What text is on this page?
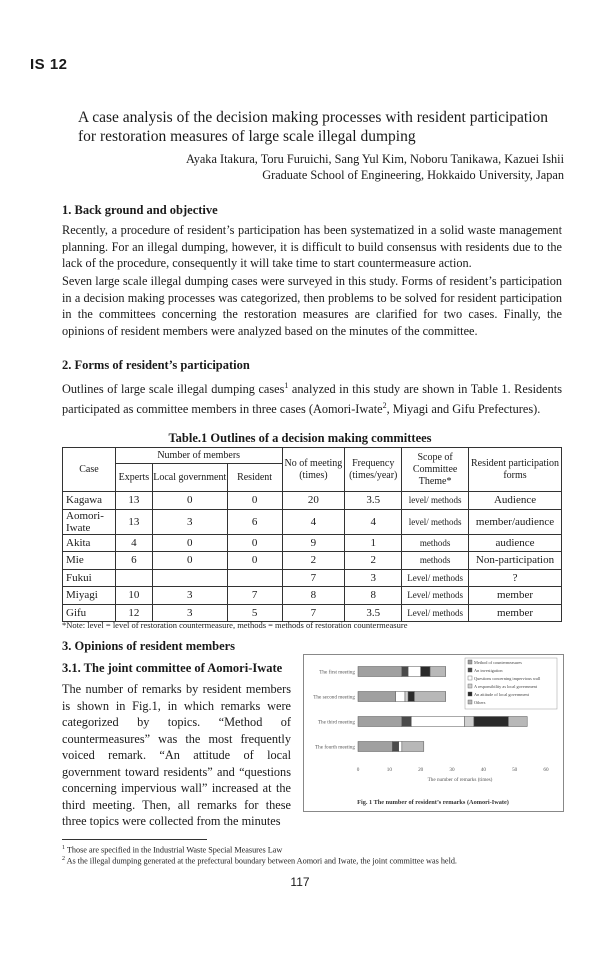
IS 12
A case analysis of the decision making processes with resident participation for restoration measures of large scale illegal dumping
Ayaka Itakura, Toru Furuichi, Sang Yul Kim, Noboru Tanikawa, Kazuei Ishii
Graduate School of Engineering, Hokkaido University, Japan
1. Back ground and objective

Recently, a procedure of resident’s participation has been systematized in a solid waste management planning. For an illegal dumping, however, it is difficult to build consensus with residents due to the lack of the procedure, consequently it will take time to start countermeasure action.

Seven large scale illegal dumping cases were surveyed in this study. Forms of resident’s participation in a decision making processes was categorized, then problems to be solved for resident participation in the committees concerning the restoration measures are clarified for two cases. Finally, the opinions of resident members were analyzed based on the minutes of the committee.

2. Forms of resident’s participation

Outlines of large scale illegal dumping cases$^1$ analyzed in this study are shown in Table 1. Residents participated as committee members in three cases (Aomori-Iwate$^2$, Miyagi and Gifu Prefectures).

Table.1 Outlines of a decision making committees
Case	Number of members			No of meeting (times)	Frequency (times/year)	Scope of Committee Theme*	Resident participation forms
	Experts	Local government	Resident				
Kagawa	13	0	0	20	3.5	level/ methods	Audience
Aomori-Iwate	13	3	6	4	4	level/ methods	member/audience
Akita	4	0	0	9	1	methods	audience
Mie	6	0	0	2	2	methods	Non-participation
Fukui				7	3	Level/ methods	?
Miyagi	10	3	7	8	8	Level/ methods	member
Gifu	12	3	5	7	3.5	Level/ methods	member
*Note: level = level of restoration countermeasure, methods = methods of restoration countermeasure
3. Opinions of resident members
3.1. The joint committee of Aomori-Iwate

The number of remarks by resident members is shown in Fig.1, in which remarks were categorized by topics. “Method of countermeasures” was the most frequently voiced remark. “An attitude of local government toward residents” and “questions concerning impervious wall” increased at the third meeting. Then, all remarks for these three topics were collected from the minutes

The first meeting
The second meeting
The third meeting
The fourth meeting
0	10	20	30	40	50	60
The number of remarks (times)
Method of countermeasures
An investigation
Questions concerning impervious wall
A responsibility as local government
An attitude of local government
Others
Fig. 1 The number of resident’s remarks (Aomori-Iwate)
$^1$ Those are specified in the Industrial Waste Special Measures Law
$^2$ As the illegal dumping generated at the prefectural boundary between Aomori and Iwate, the joint committee was held.
117
